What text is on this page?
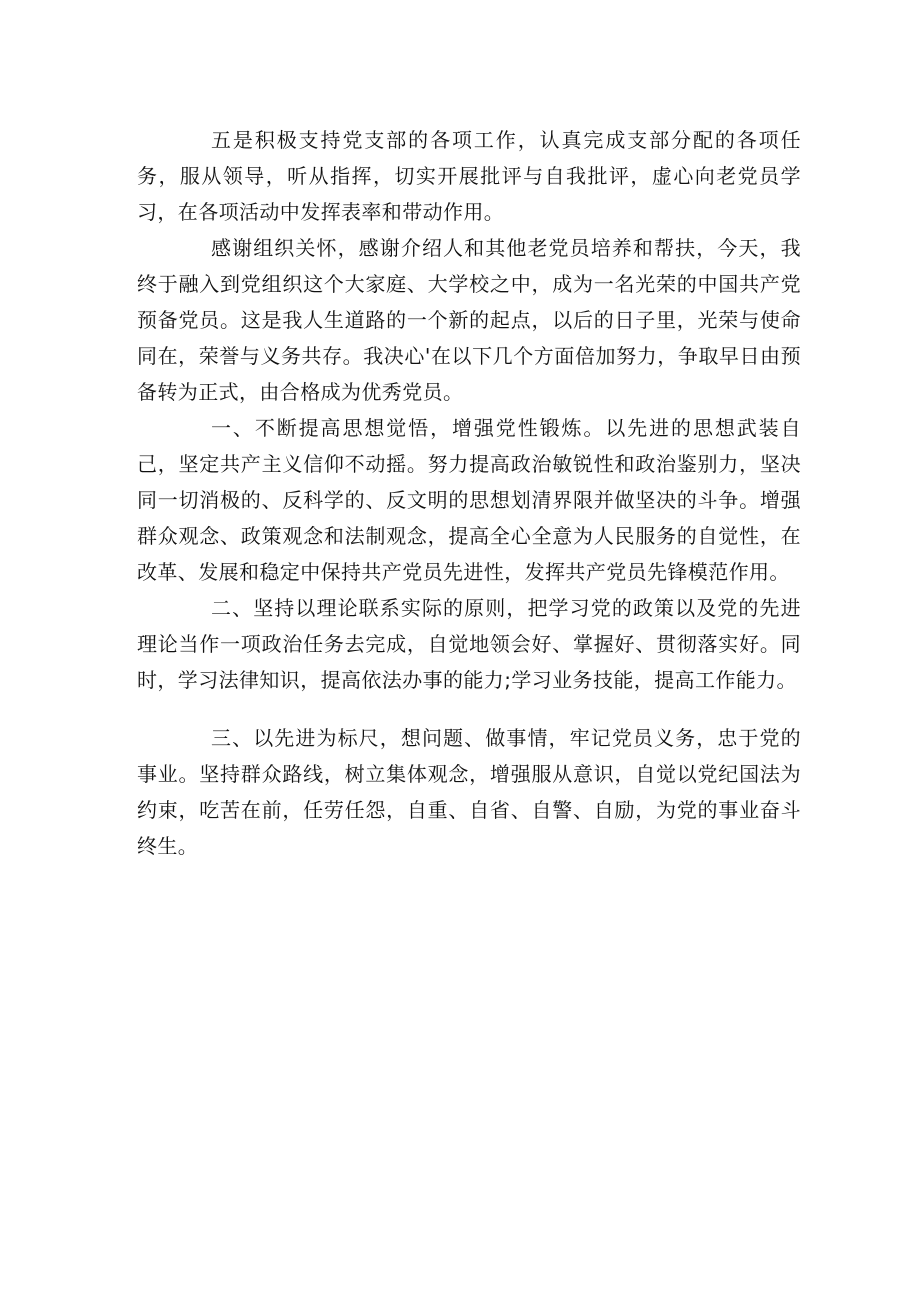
五是积极支持党支部的各项工作，认真完成支部分配的各项任务，服从领导，听从指挥，切实开展批评与自我批评，虚心向老党员学习，在各项活动中发挥表率和带动作用。

感谢组织关怀，感谢介绍人和其他老党员培养和帮扶，今天，我终于融入到党组织这个大家庭、大学校之中，成为一名光荣的中国共产党预备党员。这是我人生道路的一个新的起点，以后的日子里，光荣与使命同在，荣誉与义务共存。我决心'在以下几个方面倍加努力，争取早日由预备转为正式，由合格成为优秀党员。

一、不断提高思想觉悟，增强党性锻炼。以先进的思想武装自己，坚定共产主义信仰不动摇。努力提高政治敏锐性和政治鉴别力，坚决同一切消极的、反科学的、反文明的思想划清界限并做坚决的斗争。增强群众观念、政策观念和法制观念，提高全心全意为人民服务的自觉性，在改革、发展和稳定中保持共产党员先进性，发挥共产党员先锋模范作用。

二、坚持以理论联系实际的原则，把学习党的政策以及党的先进理论当作一项政治任务去完成，自觉地领会好、掌握好、贯彻落实好。同时，学习法律知识，提高依法办事的能力;学习业务技能，提高工作能力。

三、以先进为标尺，想问题、做事情，牢记党员义务，忠于党的事业。坚持群众路线，树立集体观念，增强服从意识，自觉以党纪国法为约束，吃苦在前，任劳任怨，自重、自省、自警、自励，为党的事业奋斗终生。
